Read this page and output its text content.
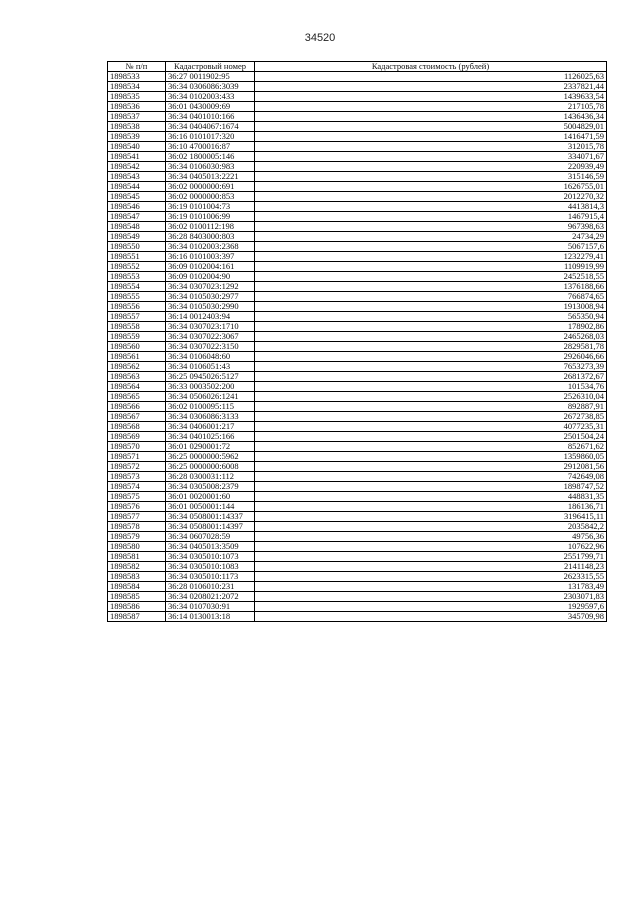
34520
№ п/п	Кадастровый номер	Кадастровая стоимость (рублей)
1898533	36:27 0011902:95	1126025,63
1898534	36:34 0306086:3039	2337821,44
1898535	36:34 0102003:433	1439633,54
1898536	36:01 0430009:69	217105,78
1898537	36:34 0401010:166	1436436,34
1898538	36:34 0404067:1674	5004829,01
1898539	36:16 0101017:320	1416471,59
1898540	36:10 4700016:87	312015,78
1898541	36:02 1800005:146	334071,67
1898542	36:34 0106030:983	220939,49
1898543	36:34 0405013:2221	315146,59
1898544	36:02 0000000:691	1626755,01
1898545	36:02 0000000:853	2012270,32
1898546	36:19 0101004:73	4413814,3
1898547	36:19 0101006:99	1467915,4
1898548	36:02 0100112:198	967398,63
1898549	36:28 8403000:803	24734,29
1898550	36:34 0102003:2368	5067157,6
1898551	36:16 0101003:397	1232279,41
1898552	36:09 0102004:161	1109919,99
1898553	36:09 0102004:90	2452518,55
1898554	36:34 0307023:1292	1376188,66
1898555	36:34 0105030:2977	766874,65
1898556	36:34 0105030:2990	1913008,94
1898557	36:14 0012403:94	565350,94
1898558	36:34 0307023:1710	178902,86
1898559	36:34 0307022:3067	2465268,03
1898560	36:34 0307022:3150	2829581,78
1898561	36:34 0106048:60	2926046,66
1898562	36:34 0106051:43	7653273,39
1898563	36:25 0945026:5127	2681372,67
1898564	36:33 0003502:200	101534,76
1898565	36:34 0506026:1241	2526310,04
1898566	36:02 0100095:115	892887,91
1898567	36:34 0306086:3133	2672738,85
1898568	36:34 0406001:217	4077235,31
1898569	36:34 0401025:166	2501504,24
1898570	36:01 0290001:72	852671,62
1898571	36:25 0000000:5962	1359860,05
1898572	36:25 0000000:6008	2912081,56
1898573	36:28 0300031:112	742649,08
1898574	36:34 0305008:2379	1898747,52
1898575	36:01 0020001:60	448831,35
1898576	36:01 0050001:144	186136,71
1898577	36:34 0508001:14337	3196415,11
1898578	36:34 0508001:14397	2035842,2
1898579	36:34 0607028:59	49756,36
1898580	36:34 0405013:3509	107622,96
1898581	36:34 0305010:1073	2551799,71
1898582	36:34 0305010:1083	2141148,23
1898583	36:34 0305010:1173	2623315,55
1898584	36:28 0106010:231	131783,49
1898585	36:34 0208021:2072	2303071,83
1898586	36:34 0107030:91	1929597,6
1898587	36:14 0130013:18	345709,98
